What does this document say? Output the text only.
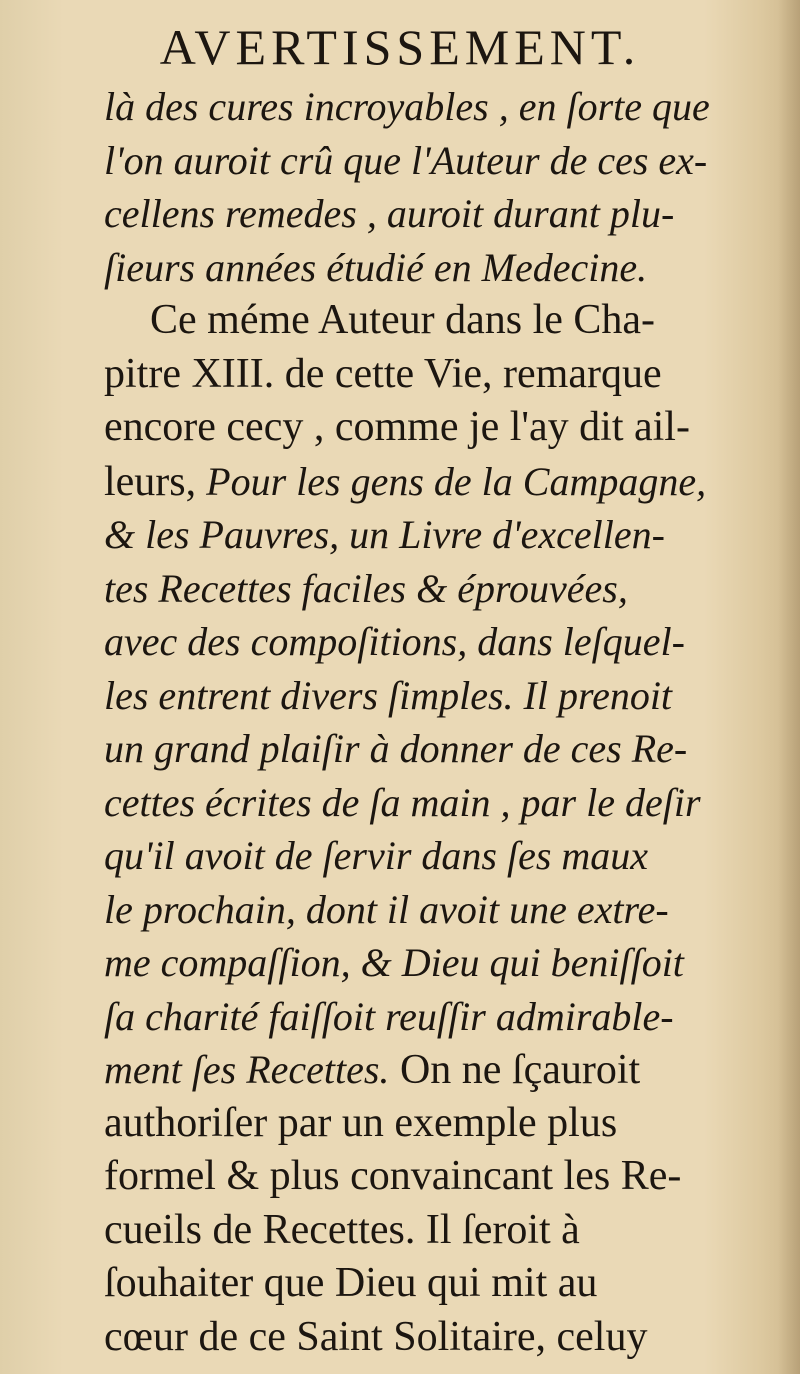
AVERTISSEMENT.
là des cures incroyables , en ſorte que
l'on auroit crû que l'Auteur de ces ex-
cellens remedes , auroit durant plu-
ſieurs années étudié en Medecine.
Ce méme Auteur dans le Cha-
pitre XIII. de cette Vie, remarque
encore cecy , comme je l'ay dit ail-
leurs, Pour les gens de la Campagne,
& les Pauvres, un Livre d'excellen-
tes Recettes faciles & éprouvées,
avec des compoſitions, dans leſquel-
les entrent divers ſimples. Il prenoit
un grand plaiſir à donner de ces Re-
cettes écrites de ſa main , par le deſir
qu'il avoit de ſervir dans ſes maux
le prochain, dont il avoit une extre-
me compaſſion, & Dieu qui beniſſoit
ſa charité faiſſoit reuſſir admirable-
ment ſes Recettes. On ne ſçauroit
authoriſer par un exemple plus
formel & plus convaincant les Re-
cueils de Recettes. Il ſeroit à
ſouhaiter que Dieu qui mit au
cœur de ce Saint Solitaire, celuy
